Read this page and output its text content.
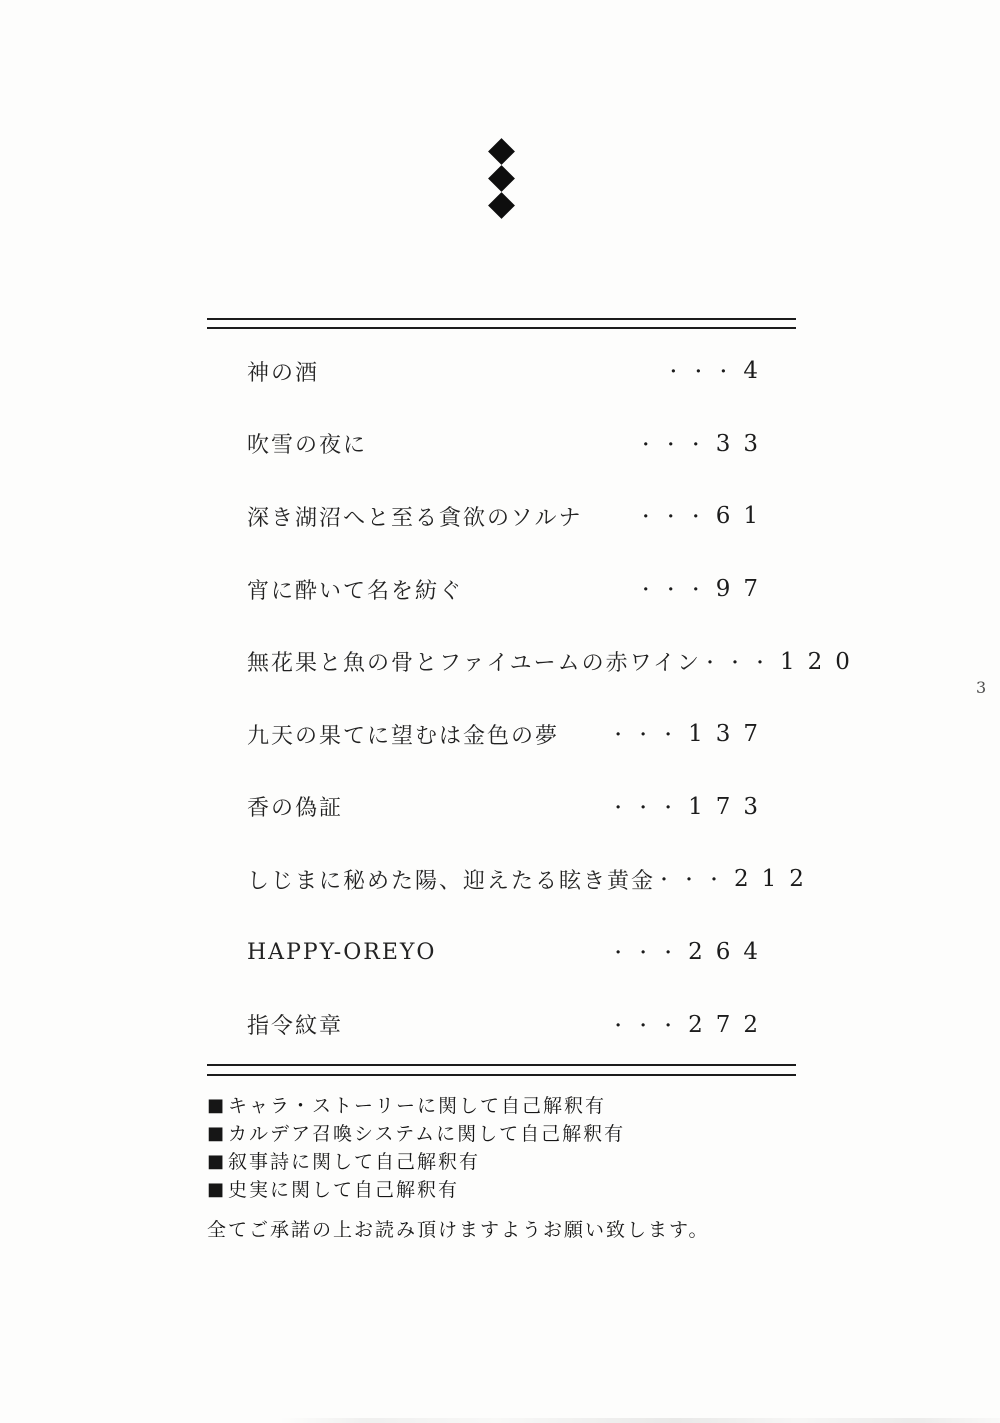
神の酒	・・・ 4
吹雪の夜に	・・・ 33
深き湖沼へと至る貪欲のソルナ	・・・ 61
宵に酔いて名を紡ぐ	・・・ 97
無花果と魚の骨とファイユームの赤ワイン ・・・ 120
九天の果てに望むは金色の夢	・・・ 137
香の偽証	・・・ 173
しじまに秘めた陽、迎えたる眩き黄金 ・・・ 212
HAPPY-OREYO	・・・ 264
指令紋章	・・・ 272
■ キャラ・ストーリーに関して自己解釈有
■ カルデア召喚システムに関して自己解釈有
■ 叙事詩に関して自己解釈有
■ 史実に関して自己解釈有
全てご承諾の上お読み頂けますようお願い致します。
3
